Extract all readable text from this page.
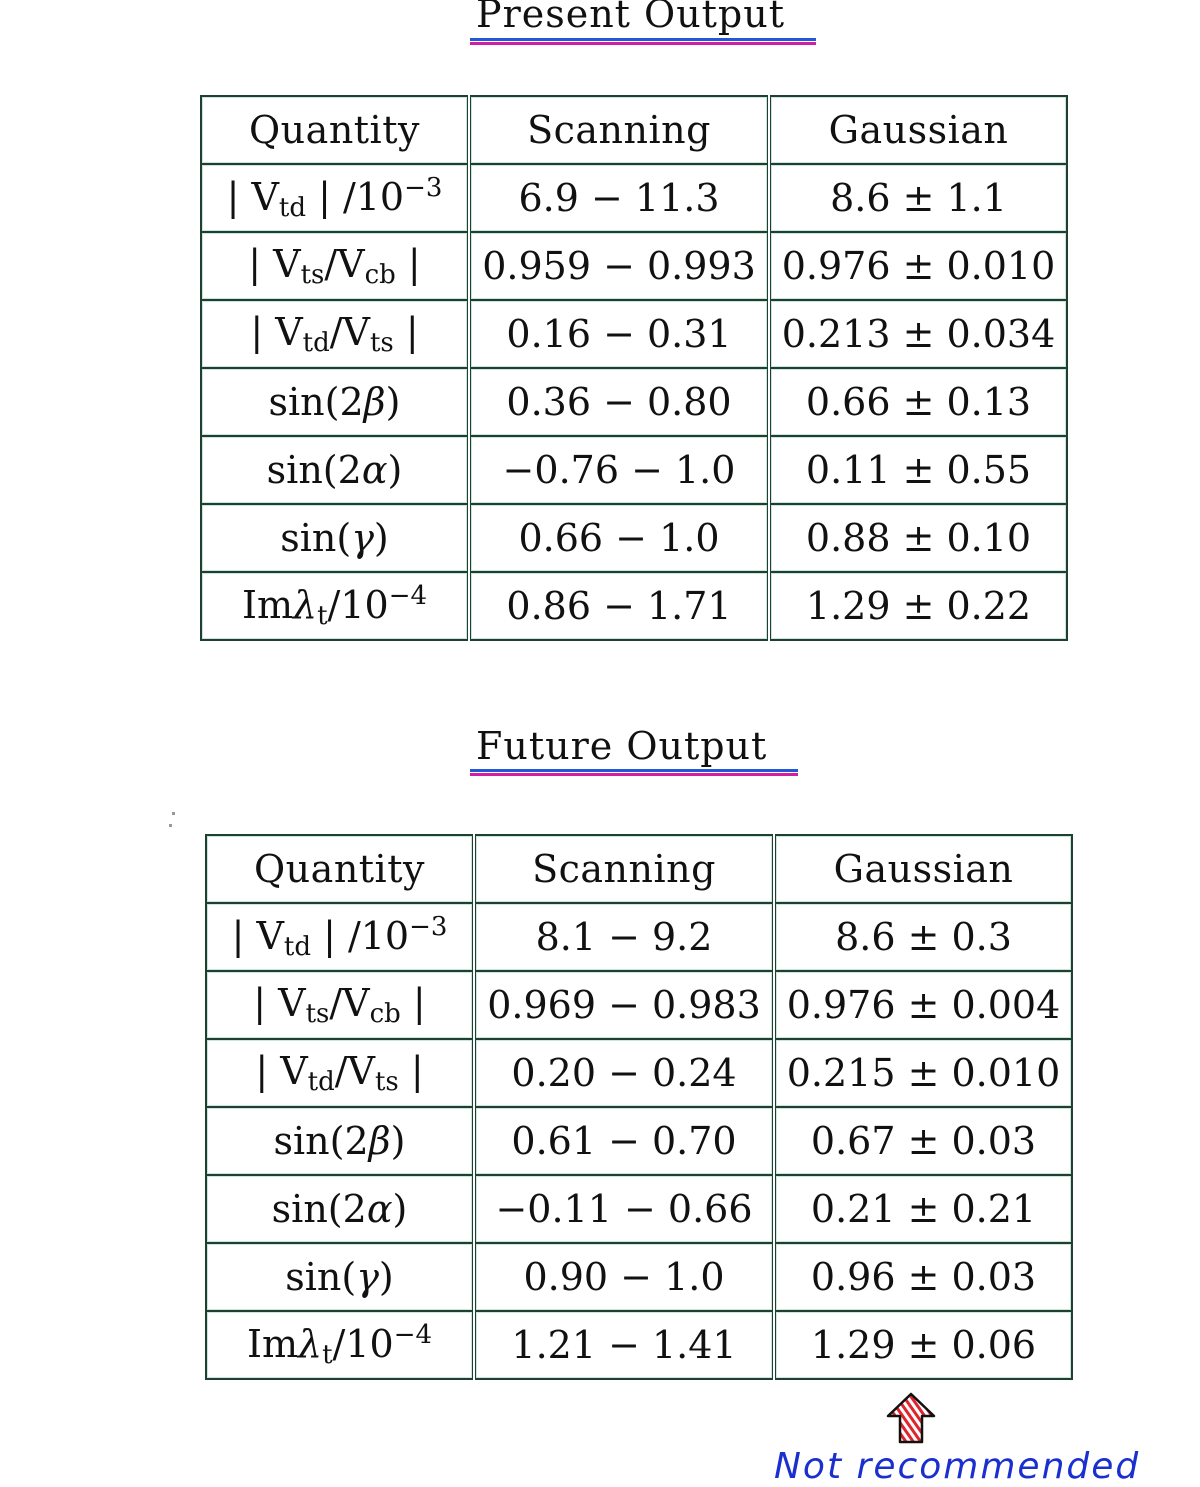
Present Output
Quantity	Scanning	Gaussian
| $V_{td}$ | $/10^{-3}$	6.9 − 11.3	8.6 ± 1.1
| $V_{ts}/V_{cb}$ |	0.959 − 0.993	0.976 ± 0.010
| $V_{td}/V_{ts}$ |	0.16 − 0.31	0.213 ± 0.034
sin(2β)	0.36 − 0.80	0.66 ± 0.13
sin(2α)	−0.76 − 1.0	0.11 ± 0.55
sin(γ)	0.66 − 1.0	0.88 ± 0.10
$Im\lambda_t/10^{-4}$	0.86 − 1.71	1.29 ± 0.22
Future Output
Quantity	Scanning	Gaussian
| $V_{td}$ | $/10^{-3}$	8.1 − 9.2	8.6 ± 0.3
| $V_{ts}/V_{cb}$ |	0.969 − 0.983	0.976 ± 0.004
| $V_{td}/V_{ts}$ |	0.20 − 0.24	0.215 ± 0.010
sin(2β)	0.61 − 0.70	0.67 ± 0.03
sin(2α)	−0.11 − 0.66	0.21 ± 0.21
sin(γ)	0.90 − 1.0	0.96 ± 0.03
$Im\lambda_t/10^{-4}$	1.21 − 1.41	1.29 ± 0.06
Not recommended
